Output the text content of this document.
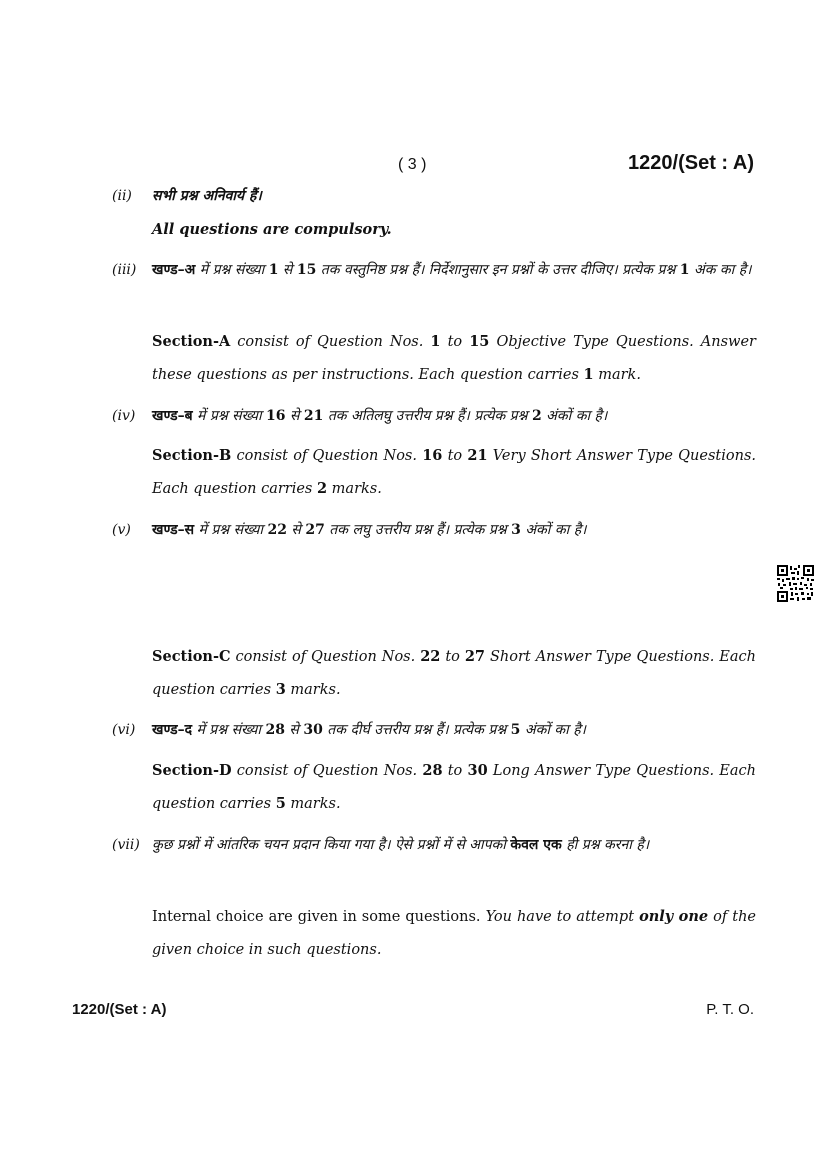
( 3 )	1220/(Set : A)
(ii)	सभी प्रश्न अनिवार्य हैं।
All questions are compulsory.
(iii)	खण्ड–अ में प्रश्न संख्या 1 से 15 तक वस्तुनिष्ठ प्रश्न हैं। निर्देशानुसार इन प्रश्नों के उत्तर दीजिए। प्रत्येक प्रश्न 1 अंक का है।
Section-A consist of Question Nos. 1 to 15 Objective Type Questions. Answer these questions as per instructions. Each question carries 1 mark.
(iv)	खण्ड–ब में प्रश्न संख्या 16 से 21 तक अतिलघु उत्तरीय प्रश्न हैं। प्रत्येक प्रश्न 2 अंकों का है।
Section-B consist of Question Nos. 16 to 21 Very Short Answer Type Questions. Each question carries 2 marks.
(v)	खण्ड–स में प्रश्न संख्या 22 से 27 तक लघु उत्तरीय प्रश्न हैं। प्रत्येक प्रश्न 3 अंकों का है।
Section-C consist of Question Nos. 22 to 27 Short Answer Type Questions. Each question carries 3 marks.
(vi)	खण्ड–द में प्रश्न संख्या 28 से 30 तक दीर्घ उत्तरीय प्रश्न हैं। प्रत्येक प्रश्न 5 अंकों का है।
Section-D consist of Question Nos. 28 to 30 Long Answer Type Questions. Each question carries 5 marks.
(vii) कुछ प्रश्नों में आंतरिक चयन प्रदान किया गया है। ऐसे प्रश्नों में से आपको केवल एक ही प्रश्न करना है।
Internal choice are given in some questions. You have to attempt only one of the given choice in such questions.
1220/(Set : A)	P. T. O.
